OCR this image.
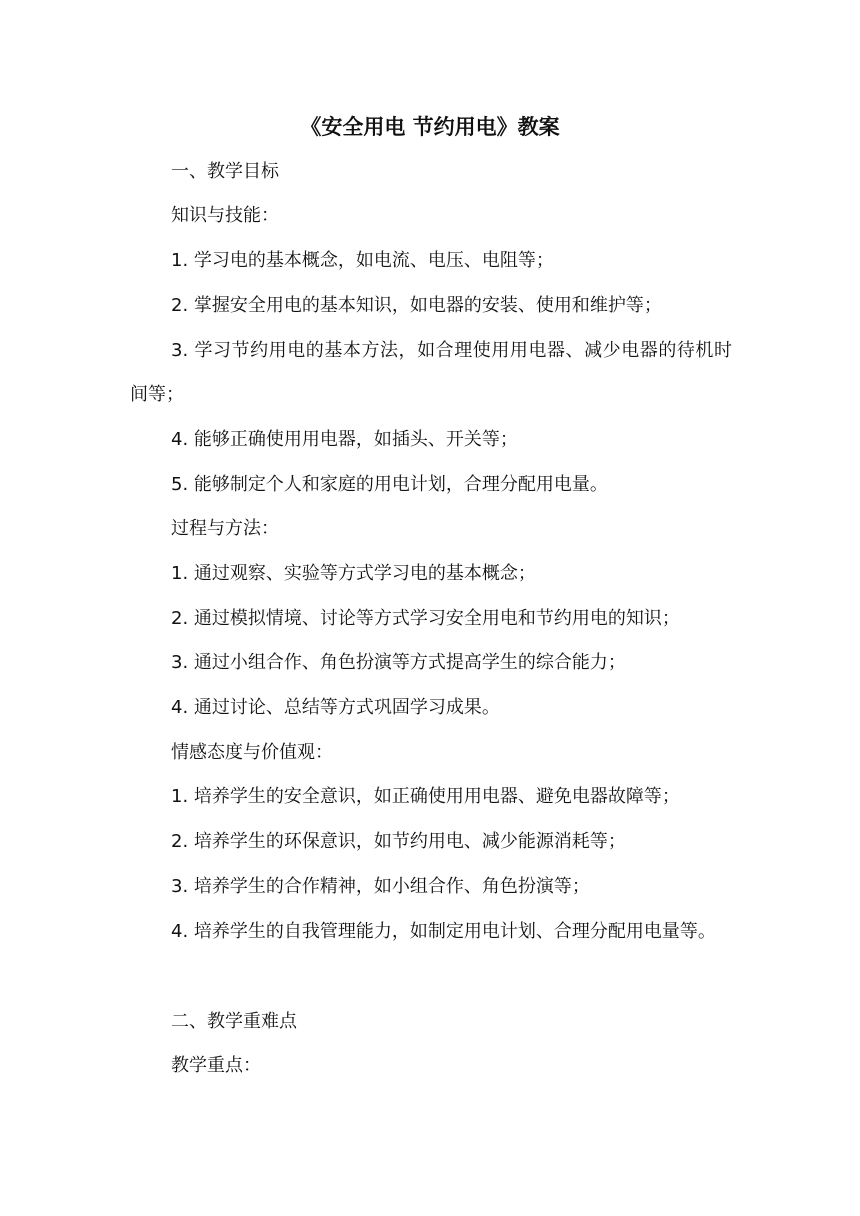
《安全用电 节约用电》教案

一、教学目标

知识与技能：

1. 学习电的基本概念，如电流、电压、电阻等；

2. 掌握安全用电的基本知识，如电器的安装、使用和维护等；

3. 学习节约用电的基本方法，如合理使用用电器、减少电器的待机时间等；

4. 能够正确使用用电器，如插头、开关等；

5. 能够制定个人和家庭的用电计划，合理分配用电量。

过程与方法：

1. 通过观察、实验等方式学习电的基本概念；

2. 通过模拟情境、讨论等方式学习安全用电和节约用电的知识；

3. 通过小组合作、角色扮演等方式提高学生的综合能力；

4. 通过讨论、总结等方式巩固学习成果。

情感态度与价值观：

1. 培养学生的安全意识，如正确使用用电器、避免电器故障等；

2. 培养学生的环保意识，如节约用电、减少能源消耗等；

3. 培养学生的合作精神，如小组合作、角色扮演等；

4. 培养学生的自我管理能力，如制定用电计划、合理分配用电量等。

二、教学重难点

教学重点：
